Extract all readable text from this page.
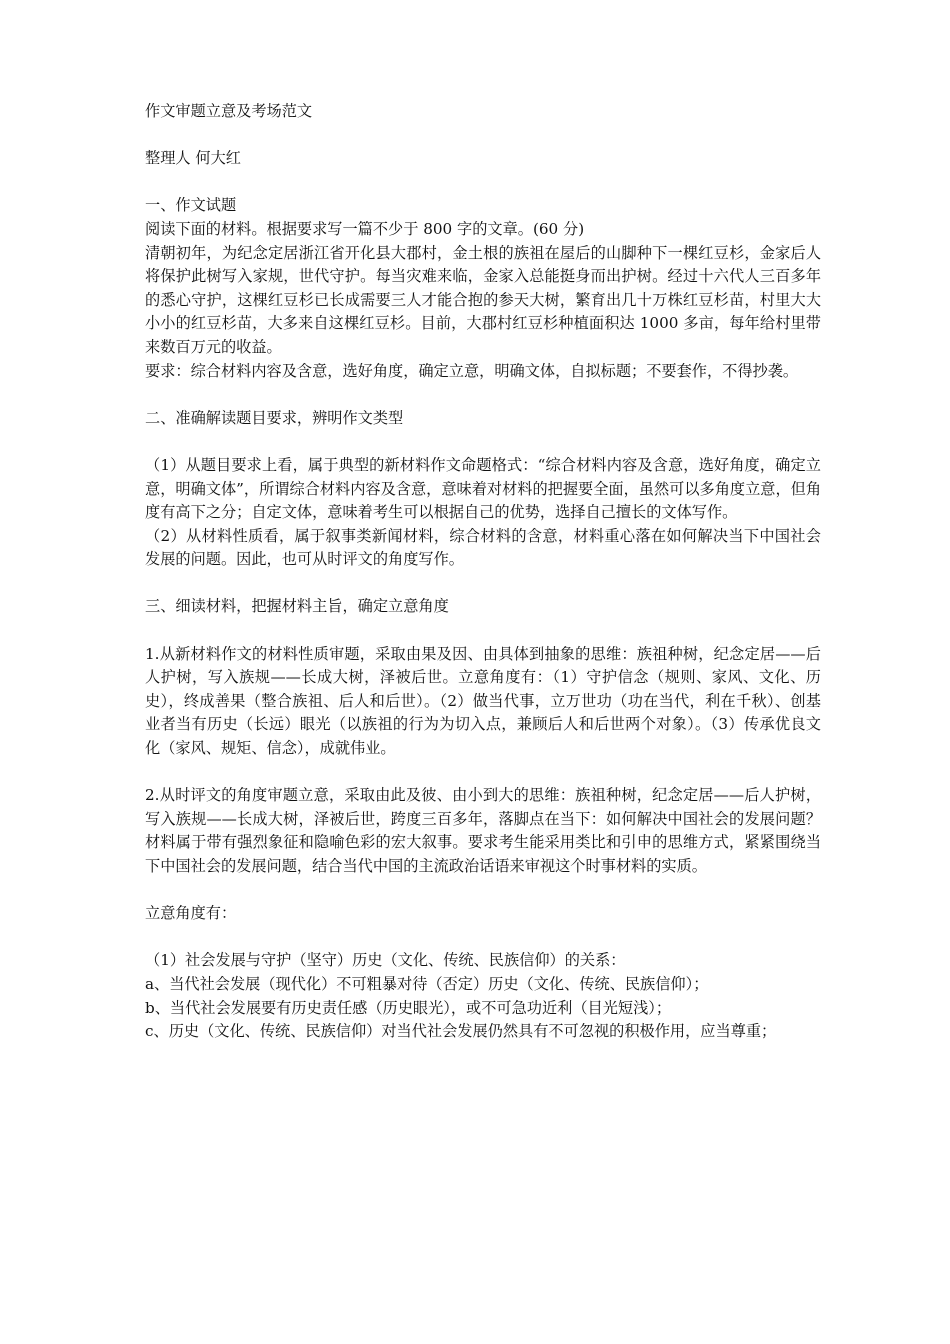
作文审题立意及考场范文

整理人 何大红

一、作文试题

阅读下面的材料。根据要求写一篇不少于 800 字的文章。(60 分)

清朝初年，为纪念定居浙江省开化县大郡村，金土根的族祖在屋后的山脚种下一棵红豆杉，金家后人将保护此树写入家规，世代守护。每当灾难来临，金家入总能挺身而出护树。经过十六代人三百多年的悉心守护，这棵红豆杉已长成需要三人才能合抱的参天大树，繁育出几十万株红豆杉苗，村里大大小小的红豆杉苗，大多来自这棵红豆杉。目前，大郡村红豆杉种植面积达 1000 多亩，每年给村里带来数百万元的收益。

要求：综合材料内容及含意，选好角度，确定立意，明确文体，自拟标题；不要套作，不得抄袭。

二、准确解读题目要求，辨明作文类型

（1）从题目要求上看，属于典型的新材料作文命题格式：“综合材料内容及含意，选好角度，确定立意，明确文体”，所谓综合材料内容及含意，意味着对材料的把握要全面，虽然可以多角度立意，但角度有高下之分；自定文体，意味着考生可以根据自己的优势，选择自己擅长的文体写作。

（2）从材料性质看，属于叙事类新闻材料，综合材料的含意，材料重心落在如何解决当下中国社会发展的问题。因此，也可从时评文的角度写作。

三、细读材料，把握材料主旨，确定立意角度

1.从新材料作文的材料性质审题，采取由果及因、由具体到抽象的思维：族祖种树，纪念定居——后人护树，写入族规——长成大树，泽被后世。立意角度有：（1）守护信念（规则、家风、文化、历史），终成善果（整合族祖、后人和后世）。（2）做当代事，立万世功（功在当代，利在千秋）、创基业者当有历史（长远）眼光（以族祖的行为为切入点，兼顾后人和后世两个对象）。（3）传承优良文化（家风、规矩、信念），成就伟业。

2.从时评文的角度审题立意，采取由此及彼、由小到大的思维：族祖种树，纪念定居——后人护树，写入族规——长成大树，泽被后世，跨度三百多年，落脚点在当下：如何解决中国社会的发展问题？材料属于带有强烈象征和隐喻色彩的宏大叙事。要求考生能采用类比和引申的思维方式，紧紧围绕当下中国社会的发展问题，结合当代中国的主流政治话语来审视这个时事材料的实质。

立意角度有：

（1）社会发展与守护（坚守）历史（文化、传统、民族信仰）的关系：

a、当代社会发展（现代化）不可粗暴对待（否定）历史（文化、传统、民族信仰）；

b、当代社会发展要有历史责任感（历史眼光），或不可急功近利（目光短浅）；

c、历史（文化、传统、民族信仰）对当代社会发展仍然具有不可忽视的积极作用，应当尊重；
